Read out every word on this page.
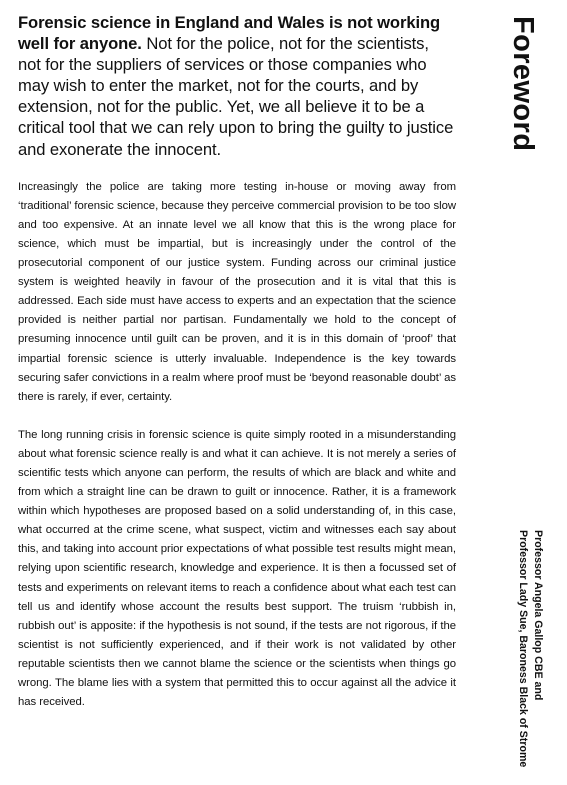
Forensic science in England and Wales is not working well for anyone. Not for the police, not for the scientists, not for the suppliers of services or those companies who may wish to enter the market, not for the courts, and by extension, not for the public. Yet, we all believe it to be a critical tool that we can rely upon to bring the guilty to justice and exonerate the innocent.

Increasingly the police are taking more testing in-house or moving away from ‘traditional’ forensic science, because they perceive commercial provision to be too slow and too expensive. At an innate level we all know that this is the wrong place for science, which must be impartial, but is increasingly under the control of the prosecutorial component of our justice system. Funding across our criminal justice system is weighted heavily in favour of the prosecution and it is vital that this is addressed. Each side must have access to experts and an expectation that the science provided is neither partial nor partisan. Fundamentally we hold to the concept of presuming innocence until guilt can be proven, and it is in this domain of ‘proof’ that impartial forensic science is utterly invaluable. Independence is the key towards securing safer convictions in a realm where proof must be ‘beyond reasonable doubt’ as there is rarely, if ever, certainty.

The long running crisis in forensic science is quite simply rooted in a misunderstanding about what forensic science really is and what it can achieve. It is not merely a series of scientific tests which anyone can perform, the results of which are black and white and from which a straight line can be drawn to guilt or innocence. Rather, it is a framework within which hypotheses are proposed based on a solid understanding of, in this case, what occurred at the crime scene, what suspect, victim and witnesses each say about this, and taking into account prior expectations of what possible test results might mean, relying upon scientific research, knowledge and experience. It is then a focussed set of tests and experiments on relevant items to reach a confidence about what each test can tell us and identify whose account the results best support. The truism ‘rubbish in, rubbish out’ is apposite: if the hypothesis is not sound, if the tests are not rigorous, if the scientist is not sufficiently experienced, and if their work is not validated by other reputable scientists then we cannot blame the science or the scientists when things go wrong. The blame lies with a system that permitted this to occur against all the advice it has received.

Foreword
Professor Angela Gallop CBE and
Professor Lady Sue, Baroness Black of Strome
